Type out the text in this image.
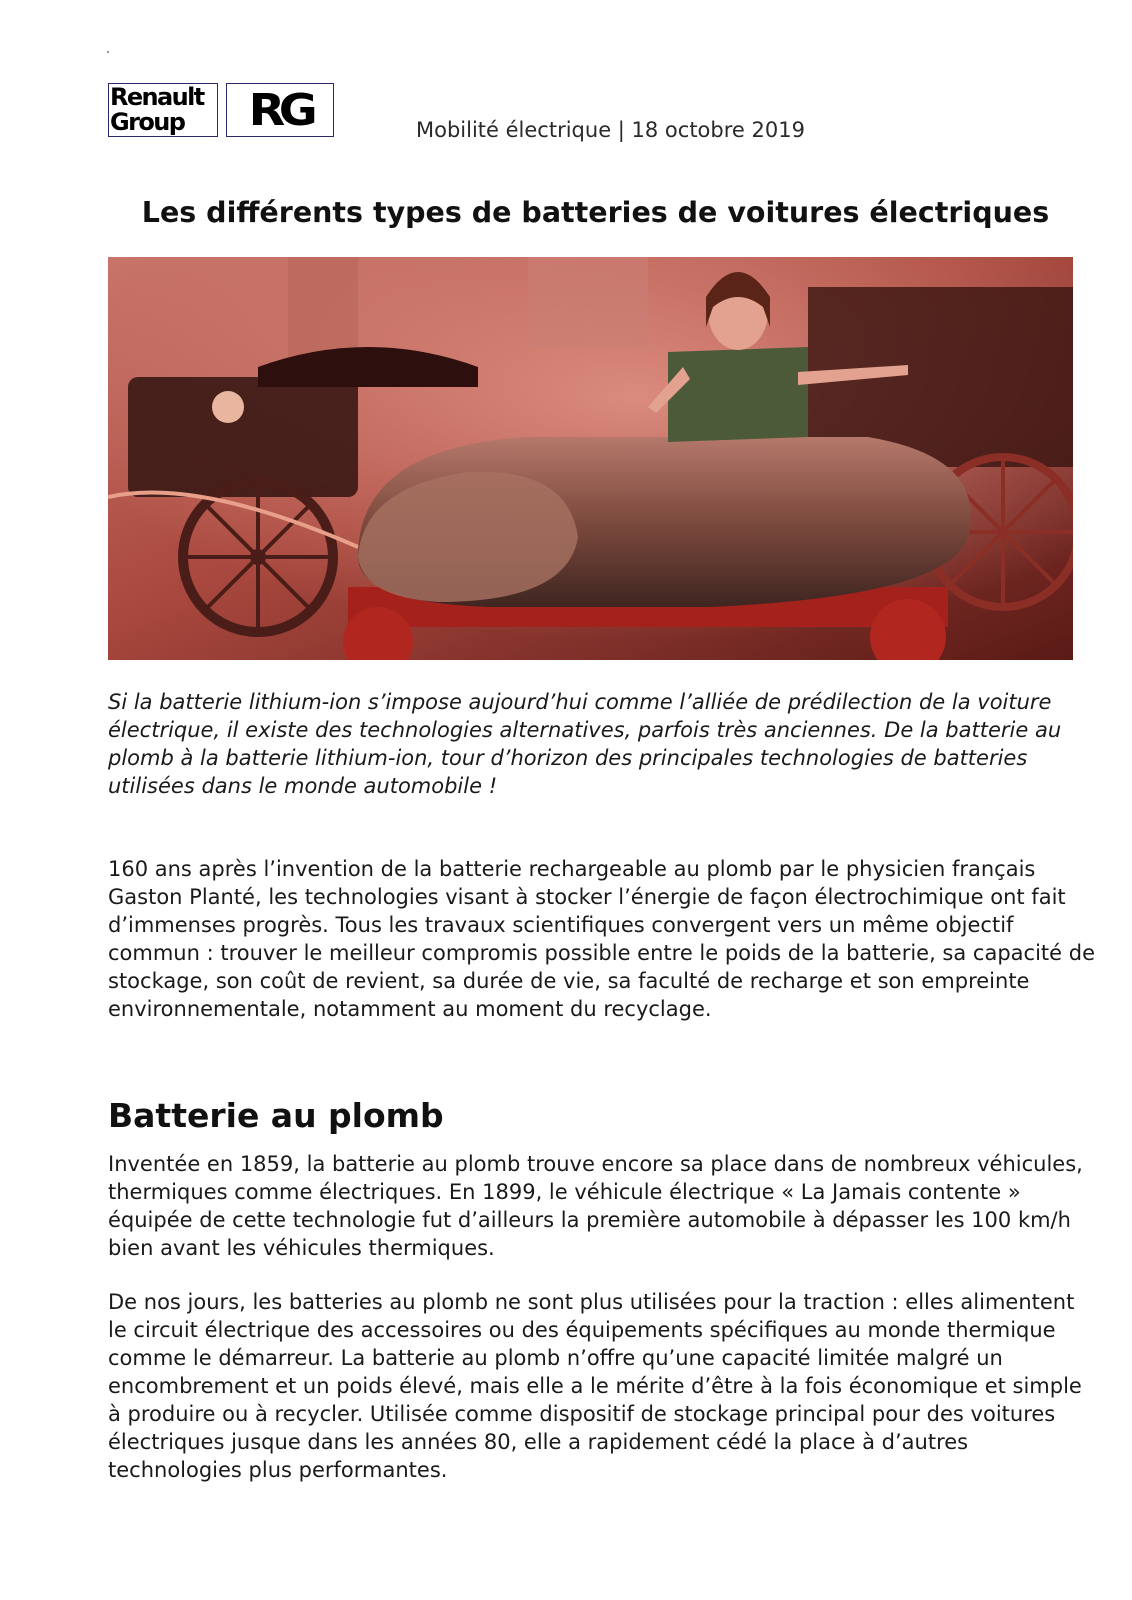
Renault
Group RG	Mobilité électrique | 18 octobre 2019
Les différents types de batteries de voitures électriques

Si la batterie lithium-ion s’impose aujourd’hui comme l’alliée de prédilection de la voiture électrique, il existe des technologies alternatives, parfois très anciennes. De la batterie au plomb à la batterie lithium-ion, tour d’horizon des principales technologies de batteries utilisées dans le monde automobile !

160 ans après l’invention de la batterie rechargeable au plomb par le physicien français Gaston Planté, les technologies visant à stocker l’énergie de façon électrochimique ont fait d’immenses progrès. Tous les travaux scientifiques convergent vers un même objectif commun : trouver le meilleur compromis possible entre le poids de la batterie, sa capacité de stockage, son coût de revient, sa durée de vie, sa faculté de recharge et son empreinte environnementale, notamment au moment du recyclage.

Batterie au plomb

Inventée en 1859, la batterie au plomb trouve encore sa place dans de nombreux véhicules, thermiques comme électriques. En 1899, le véhicule électrique « La Jamais contente » équipée de cette technologie fut d’ailleurs la première automobile à dépasser les 100 km/h bien avant les véhicules thermiques.

De nos jours, les batteries au plomb ne sont plus utilisées pour la traction : elles alimentent le circuit électrique des accessoires ou des équipements spécifiques au monde thermique comme le démarreur. La batterie au plomb n’offre qu’une capacité limitée malgré un encombrement et un poids élevé, mais elle a le mérite d’être à la fois économique et simple à produire ou à recycler. Utilisée comme dispositif de stockage principal pour des voitures électriques jusque dans les années 80, elle a rapidement cédé la place à d’autres technologies plus performantes.
